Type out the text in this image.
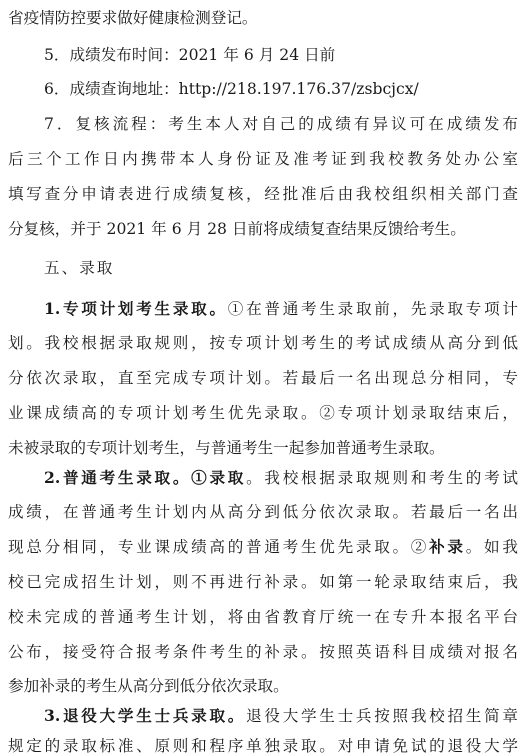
省疫情防控要求做好健康检测登记。
5．成绩发布时间：2021 年 6 月 24 日前
6．成绩查询地址：http://218.197.176.37/zsbcjcx/
7．复核流程：考生本人对自己的成绩有异议可在成绩发布
后三个工作日内携带本人身份证及准考证到我校教务处办公室
填写查分申请表进行成绩复核，经批准后由我校组织相关部门查
分复核，并于 2021 年 6 月 28 日前将成绩复查结果反馈给考生。
五、录取
1.专项计划考生录取。①在普通考生录取前，先录取专项计
划。我校根据录取规则，按专项计划考生的考试成绩从高分到低
分依次录取，直至完成专项计划。若最后一名出现总分相同，专
业课成绩高的专项计划考生优先录取。②专项计划录取结束后，
未被录取的专项计划考生，与普通考生一起参加普通考生录取。
2.普通考生录取。①录取。我校根据录取规则和考生的考试
成绩，在普通考生计划内从高分到低分依次录取。若最后一名出
现总分相同，专业课成绩高的普通考生优先录取。②补录。如我
校已完成招生计划，则不再进行补录。如第一轮录取结束后，我
校未完成的普通考生计划，将由省教育厅统一在专升本报名平台
公布，接受符合报考条件考生的补录。按照英语科目成绩对报名
参加补录的考生从高分到低分依次录取。
3.退役大学生士兵录取。退役大学生士兵按照我校招生简章
规定的录取标准、原则和程序单独录取。对申请免试的退役大学
